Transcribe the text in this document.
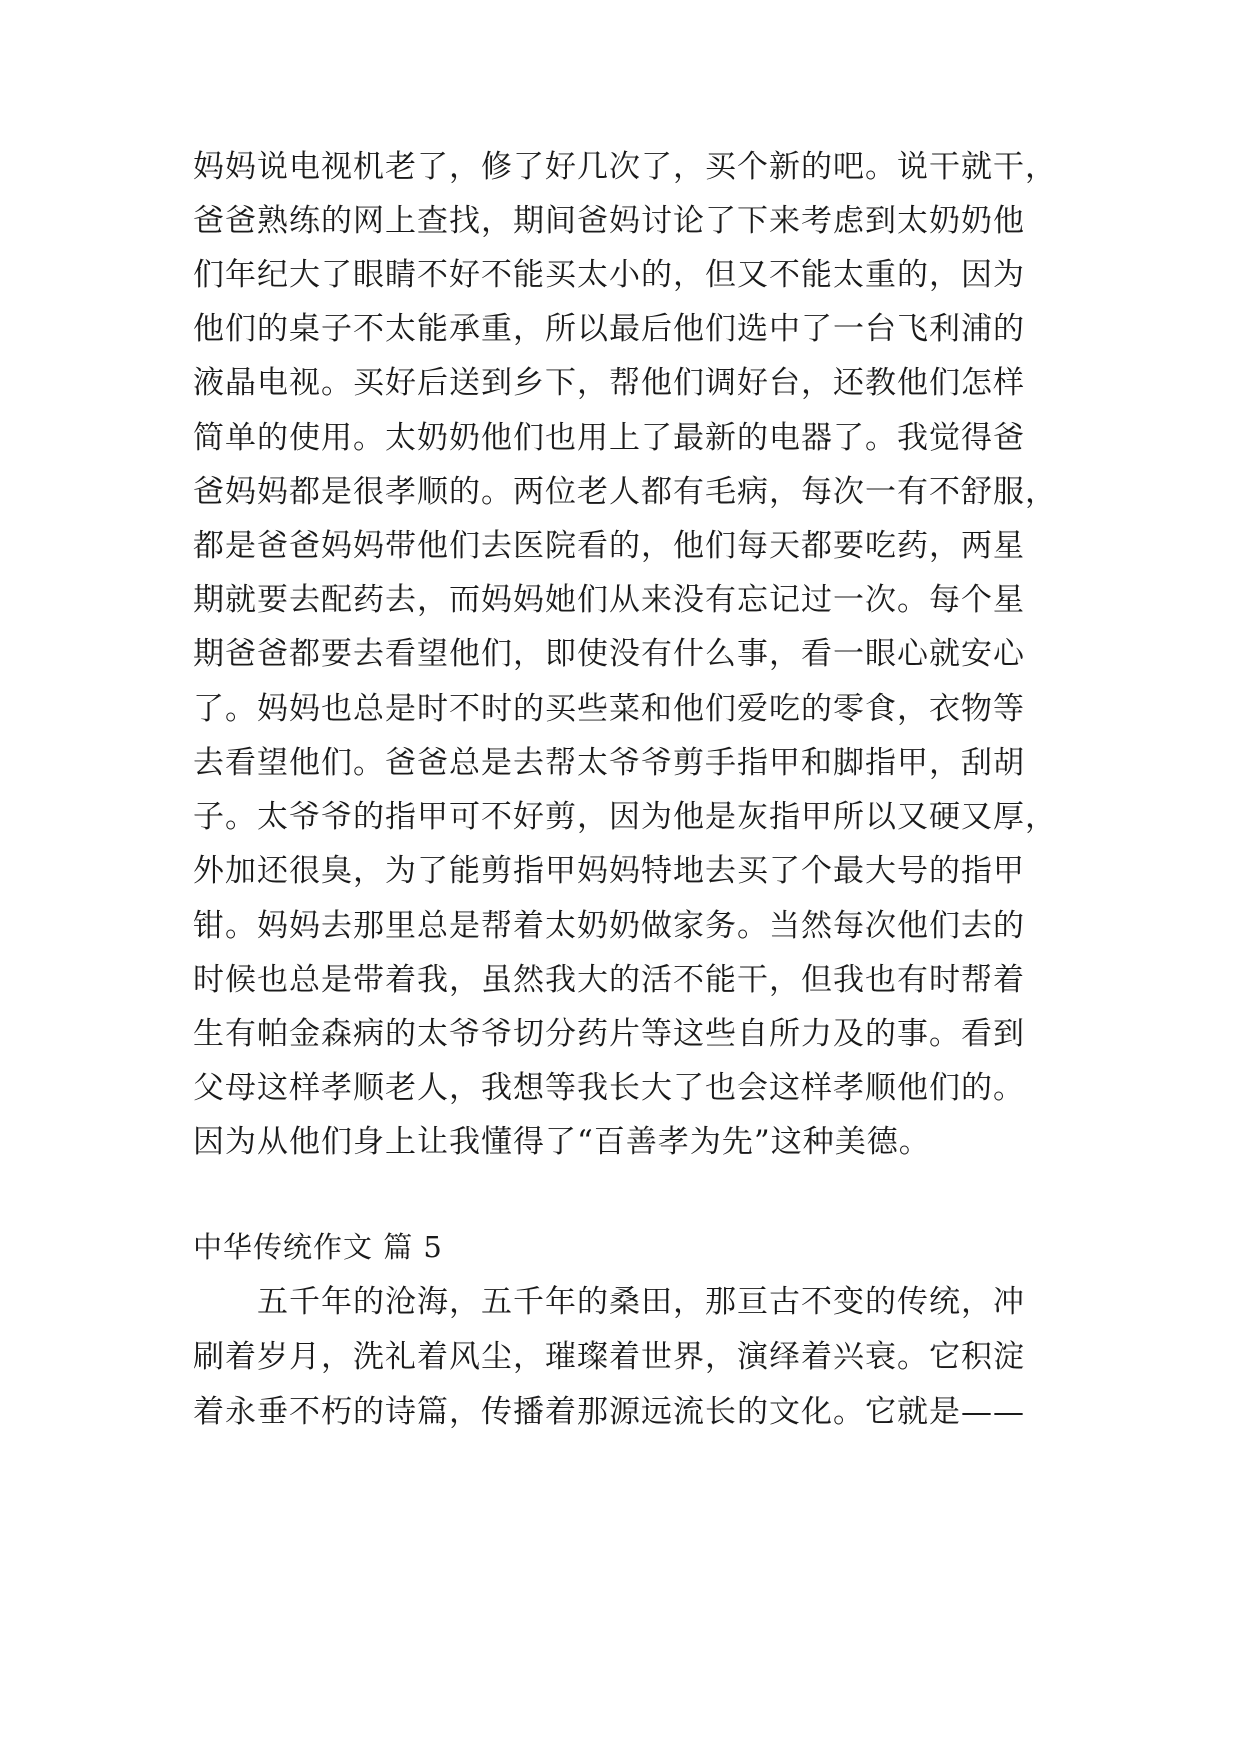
妈妈说电视机老了，修了好几次了，买个新的吧。说干就干，
爸爸熟练的网上查找，期间爸妈讨论了下来考虑到太奶奶他
们年纪大了眼睛不好不能买太小的，但又不能太重的，因为
他们的桌子不太能承重，所以最后他们选中了一台飞利浦的
液晶电视。买好后送到乡下，帮他们调好台，还教他们怎样
简单的使用。太奶奶他们也用上了最新的电器了。我觉得爸
爸妈妈都是很孝顺的。两位老人都有毛病，每次一有不舒服，
都是爸爸妈妈带他们去医院看的，他们每天都要吃药，两星
期就要去配药去，而妈妈她们从来没有忘记过一次。每个星
期爸爸都要去看望他们，即使没有什么事，看一眼心就安心
了。妈妈也总是时不时的买些菜和他们爱吃的零食，衣物等
去看望他们。爸爸总是去帮太爷爷剪手指甲和脚指甲，刮胡
子。太爷爷的指甲可不好剪，因为他是灰指甲所以又硬又厚，
外加还很臭，为了能剪指甲妈妈特地去买了个最大号的指甲
钳。妈妈去那里总是帮着太奶奶做家务。当然每次他们去的
时候也总是带着我，虽然我大的活不能干，但我也有时帮着
生有帕金森病的太爷爷切分药片等这些自所力及的事。看到
父母这样孝顺老人，我想等我长大了也会这样孝顺他们的。
因为从他们身上让我懂得了“百善孝为先”这种美德。
中华传统作文 篇 5
　　五千年的沧海，五千年的桑田，那亘古不变的传统，冲
刷着岁月，洗礼着风尘，璀璨着世界，演绎着兴衰。它积淀
着永垂不朽的诗篇，传播着那源远流长的文化。它就是——
